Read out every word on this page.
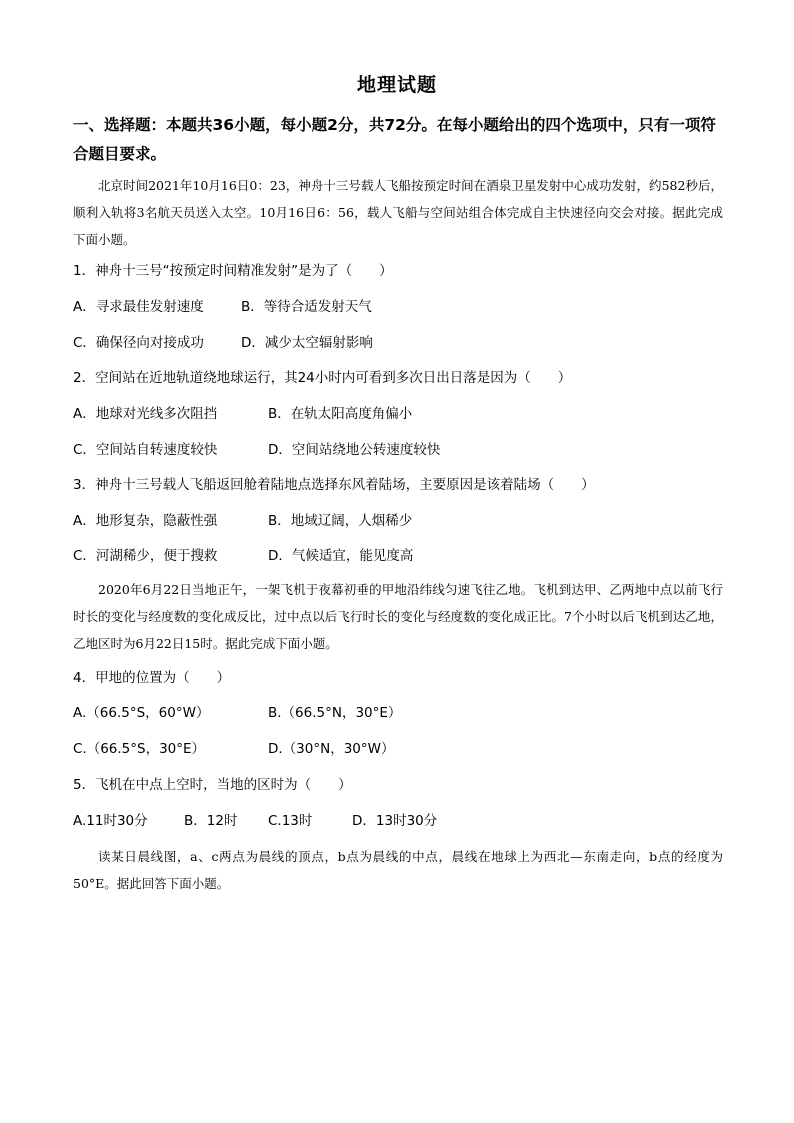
地理试题
一、选择题：本题共36小题，每小题2分，共72分。在每小题给出的四个选项中，只有一项符合题目要求。
北京时间2021年10月16日0：23，神舟十三号载人飞船按预定时间在酒泉卫星发射中心成功发射，约582秒后，顺利入轨将3名航天员送入太空。10月16日6：56，载人飞船与空间站组合体完成自主快速径向交会对接。据此完成下面小题。
1．神舟十三号“按预定时间精准发射”是为了（　　）
A．寻求最佳发射速度	B．等待合适发射天气
C．确保径向对接成功	D．减少太空辐射影响
2．空间站在近地轨道绕地球运行，其24小时内可看到多次日出日落是因为（　　）
A．地球对光线多次阻挡	B．在轨太阳高度角偏小
C．空间站自转速度较快	D．空间站绕地公转速度较快
3．神舟十三号载人飞船返回舱着陆地点选择东风着陆场，主要原因是该着陆场（　　）
A．地形复杂，隐蔽性强	B．地域辽阔，人烟稀少
C．河湖稀少，便于搜救	D．气候适宜，能见度高
2020年6月22日当地正午，一架飞机于夜幕初垂的甲地沿纬线匀速飞往乙地。飞机到达甲、乙两地中点以前飞行时长的变化与经度数的变化成反比，过中点以后飞行时长的变化与经度数的变化成正比。7个小时以后飞机到达乙地，乙地区时为6月22日15时。据此完成下面小题。
4．甲地的位置为（　　）
A.（66.5°S，60°W）	B.（66.5°N，30°E）
C.（66.5°S，30°E）	D.（30°N，30°W）
5．飞机在中点上空时，当地的区时为（　　）
A.11时30分	B．12时 C.13时	D．13时30分
读某日晨线图，a、c两点为晨线的顶点，b点为晨线的中点，晨线在地球上为西北—东南走向，b点的经度为50°E。据此回答下面小题。
